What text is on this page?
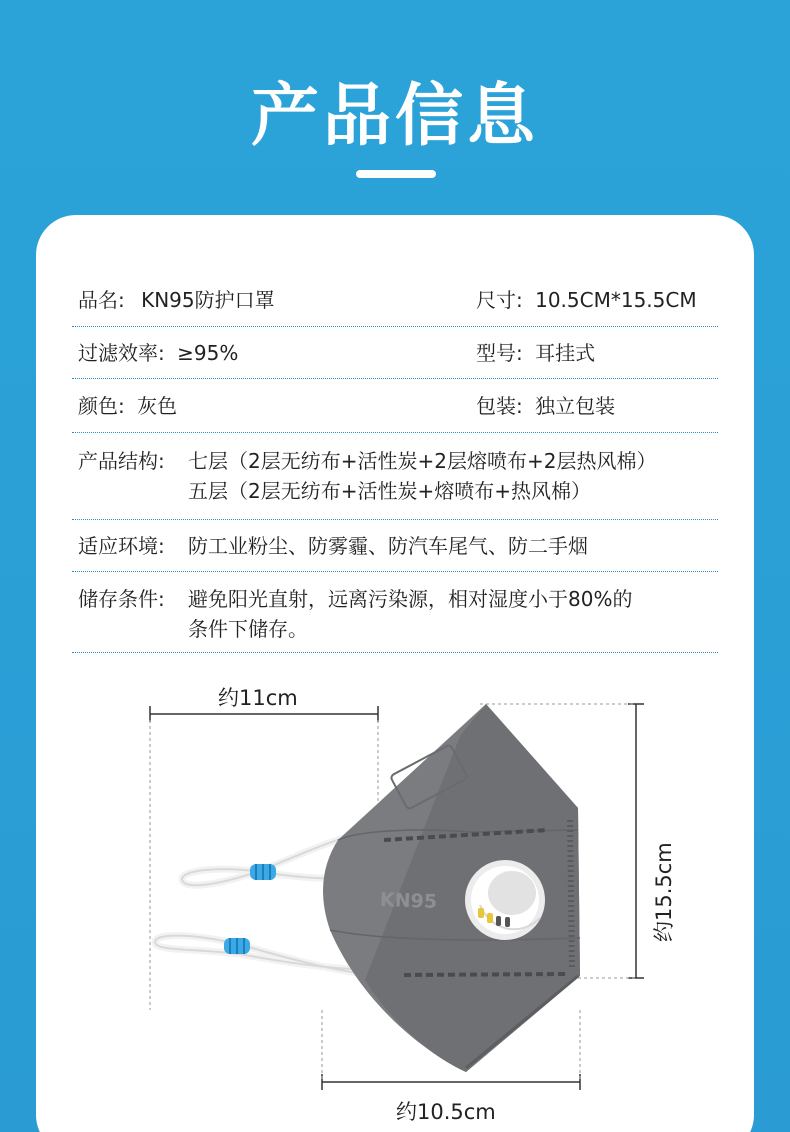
产品信息
品名: KN95防护口罩	尺寸: 10.5CM*15.5CM
过滤效率: ≥95%	型号: 耳挂式
颜色: 灰色	包装: 独立包装
产品结构: 七层（2层无纺布+活性炭+2层熔喷布+2层热风棉）
五层（2层无纺布+活性炭+熔喷布+热风棉）
适应环境: 防工业粉尘、防雾霾、防汽车尾气、防二手烟
储存条件: 避免阳光直射，远离污染源，相对湿度小于80%的
条件下储存。
KN95
约11cm
约15.5cm
约10.5cm
